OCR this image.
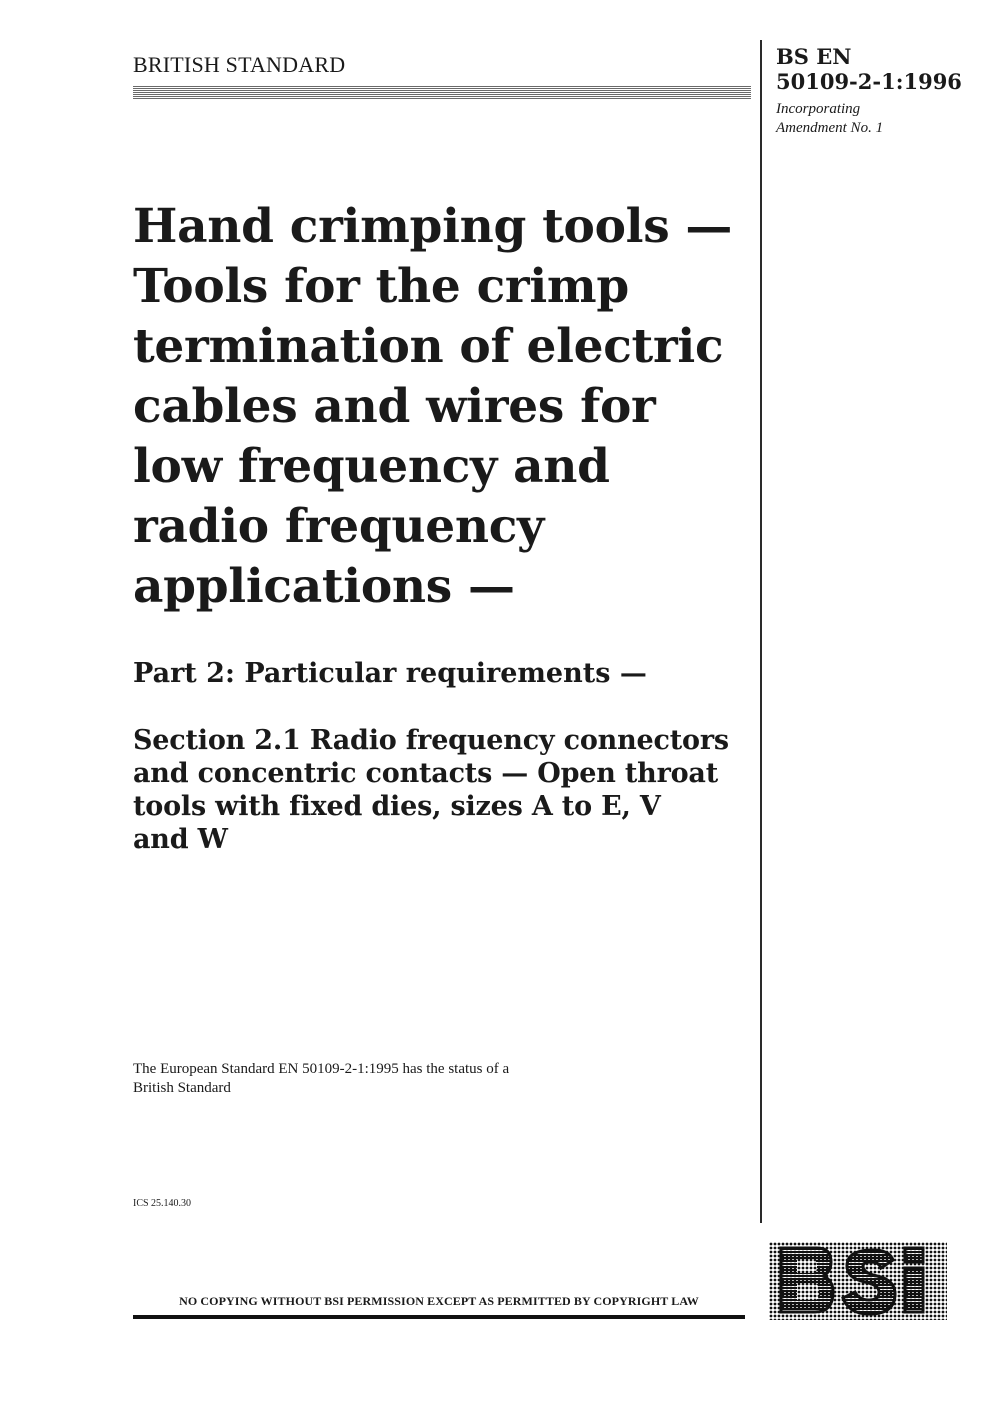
BRITISH STANDARD	BS EN
50109-2-1:1996
Incorporating
Amendment No. 1
Hand crimping tools —
Tools for the crimp
termination of electric
cables and wires for
low frequency and
radio frequency
applications —
Part 2: Particular requirements —
Section 2.1 Radio frequency connectors
and concentric contacts — Open throat
tools with fixed dies, sizes A to E, V
and W
The European Standard EN 50109-2-1:1995 has the status of a
British Standard
ICS 25.140.30
NO COPYING WITHOUT BSI PERMISSION EXCEPT AS PERMITTED BY COPYRIGHT LAW
